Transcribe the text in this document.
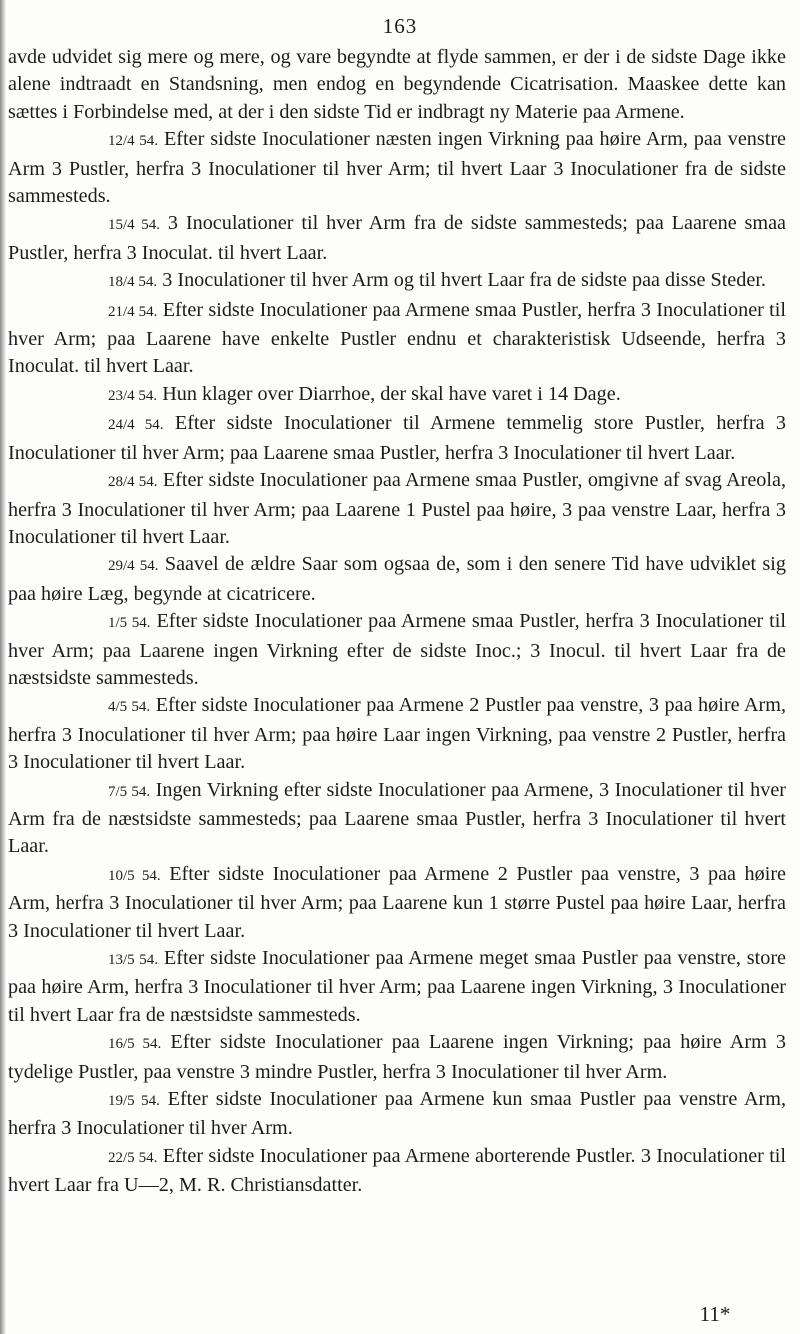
163

avde udvidet sig mere og mere, og vare begyndte at flyde sammen, er der i de sidste Dage ikke alene indtraadt en Standsning, men endog en begyndende Cicatrisation. Maaskee dette kan sættes i Forbindelse med, at der i den sidste Tid er indbragt ny Materie paa Armene.

12/4 54. Efter sidste Inoculationer næsten ingen Virkning paa høire Arm, paa venstre Arm 3 Pustler, herfra 3 Inoculationer til hver Arm; til hvert Laar 3 Inoculationer fra de sidste sammesteds.

15/4 54. 3 Inoculationer til hver Arm fra de sidste sammesteds; paa Laarene smaa Pustler, herfra 3 Inoculat. til hvert Laar.

18/4 54. 3 Inoculationer til hver Arm og til hvert Laar fra de sidste paa disse Steder.

21/4 54. Efter sidste Inoculationer paa Armene smaa Pustler, herfra 3 Inoculationer til hver Arm; paa Laarene have enkelte Pustler endnu et charakteristisk Udseende, herfra 3 Inoculat. til hvert Laar.

23/4 54. Hun klager over Diarrhoe, der skal have varet i 14 Dage.

24/4 54. Efter sidste Inoculationer til Armene temmelig store Pustler, herfra 3 Inoculationer til hver Arm; paa Laarene smaa Pustler, herfra 3 Inoculationer til hvert Laar.

28/4 54. Efter sidste Inoculationer paa Armene smaa Pustler, omgivne af svag Areola, herfra 3 Inoculationer til hver Arm; paa Laarene 1 Pustel paa høire, 3 paa venstre Laar, herfra 3 Inoculationer til hvert Laar.

29/4 54. Saavel de ældre Saar som ogsaa de, som i den senere Tid have udviklet sig paa høire Læg, begynde at cicatricere.

1/5 54. Efter sidste Inoculationer paa Armene smaa Pustler, herfra 3 Inoculationer til hver Arm; paa Laarene ingen Virkning efter de sidste Inoc.; 3 Inocul. til hvert Laar fra de næstsidste sammesteds.

4/5 54. Efter sidste Inoculationer paa Armene 2 Pustler paa venstre, 3 paa høire Arm, herfra 3 Inoculationer til hver Arm; paa høire Laar ingen Virkning, paa venstre 2 Pustler, herfra 3 Inoculationer til hvert Laar.

7/5 54. Ingen Virkning efter sidste Inoculationer paa Armene, 3 Inoculationer til hver Arm fra de næstsidste sammesteds; paa Laarene smaa Pustler, herfra 3 Inoculationer til hvert Laar.

10/5 54. Efter sidste Inoculationer paa Armene 2 Pustler paa venstre, 3 paa høire Arm, herfra 3 Inoculationer til hver Arm; paa Laarene kun 1 større Pustel paa høire Laar, herfra 3 Inoculationer til hvert Laar.

13/5 54. Efter sidste Inoculationer paa Armene meget smaa Pustler paa venstre, store paa høire Arm, herfra 3 Inoculationer til hver Arm; paa Laarene ingen Virkning, 3 Inoculationer til hvert Laar fra de næstsidste sammesteds.

16/5 54. Efter sidste Inoculationer paa Laarene ingen Virkning; paa høire Arm 3 tydelige Pustler, paa venstre 3 mindre Pustler, herfra 3 Inoculationer til hver Arm.

19/5 54. Efter sidste Inoculationer paa Armene kun smaa Pustler paa venstre Arm, herfra 3 Inoculationer til hver Arm.

22/5 54. Efter sidste Inoculationer paa Armene aborterende Pustler. 3 Inoculationer til hvert Laar fra U—2, M. R. Christiansdatter.

11*
